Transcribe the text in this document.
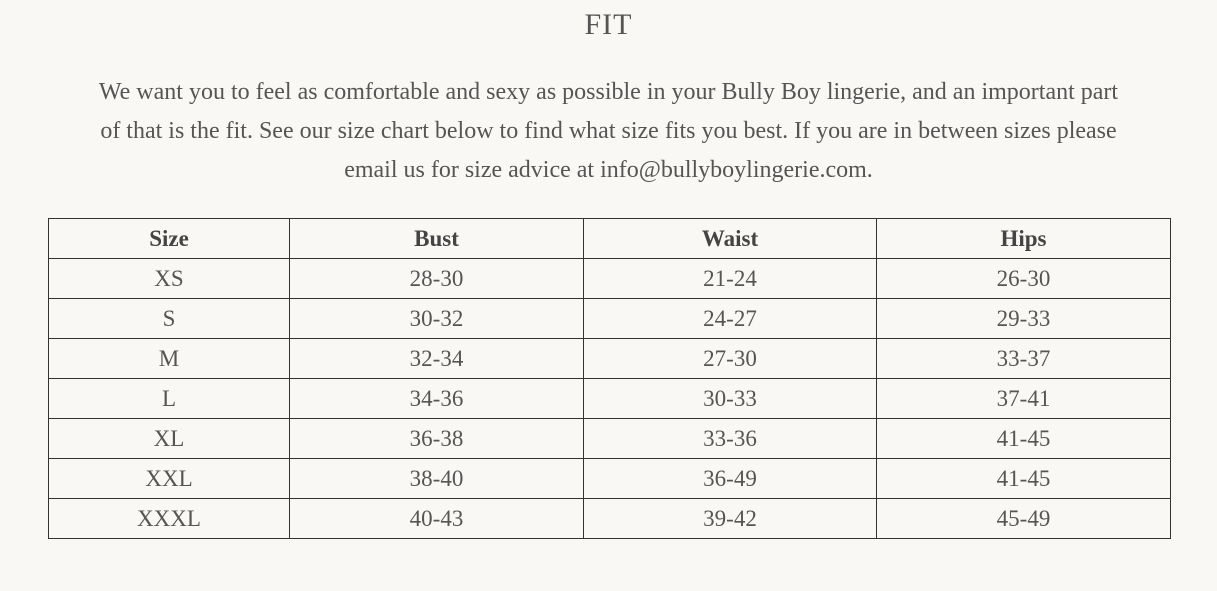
FIT
We want you to feel as comfortable and sexy as possible in your Bully Boy lingerie, and an important part
of that is the fit. See our size chart below to find what size fits you best. If you are in between sizes please
email us for size advice at info@bullyboylingerie.com.
Size	Bust	Waist	Hips
XS	28-30	21-24	26-30
S	30-32	24-27	29-33
M	32-34	27-30	33-37
L	34-36	30-33	37-41
XL	36-38	33-36	41-45
XXL	38-40	36-49	41-45
XXXL	40-43	39-42	45-49
